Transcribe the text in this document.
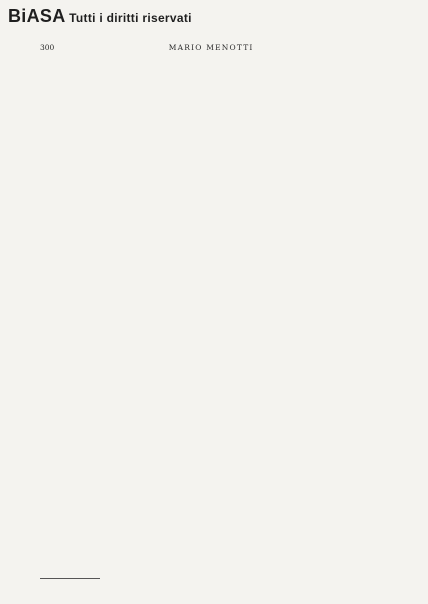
BiASA Tutti i diritti riservati
300	MARIO MENOTTI
